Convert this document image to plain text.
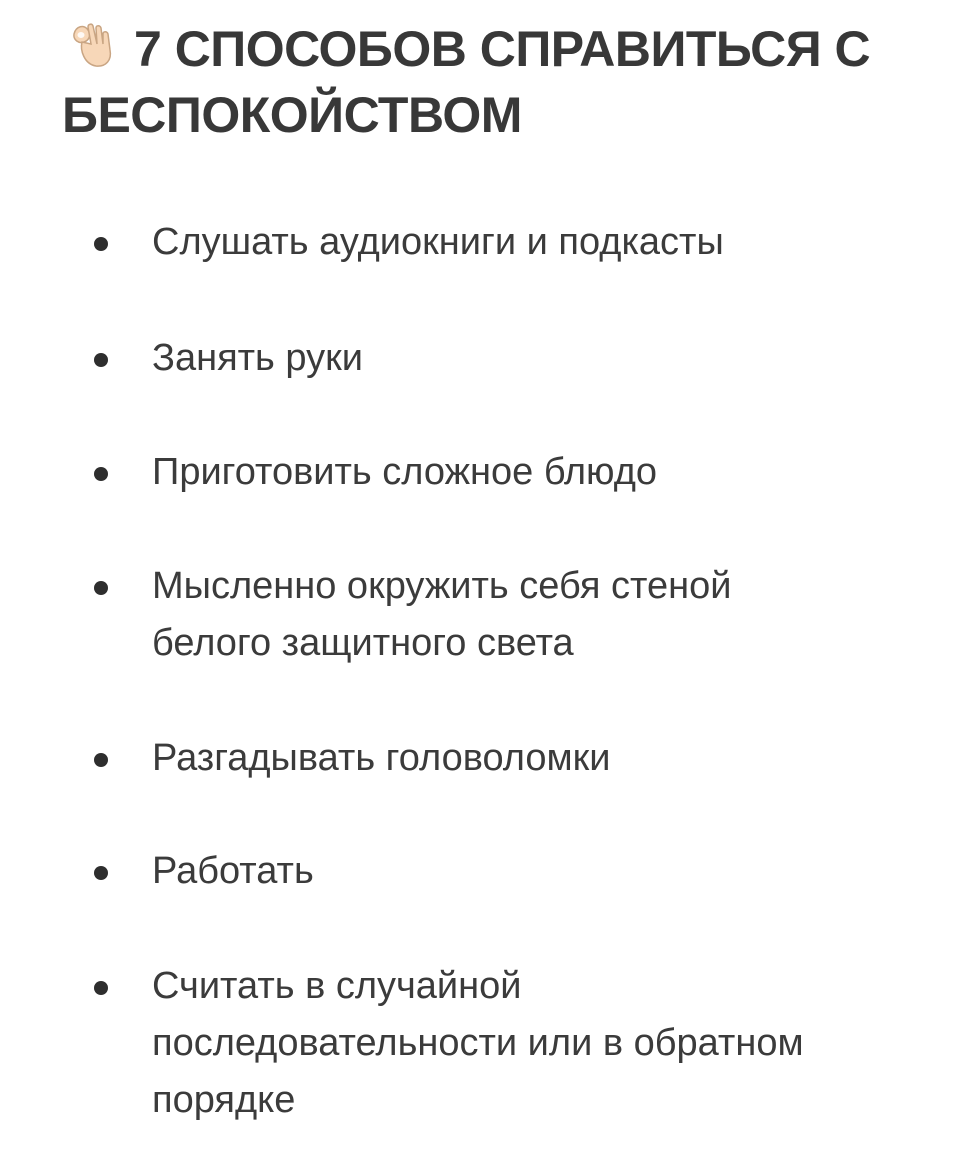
7 СПОСОБОВ СПРАВИТЬСЯ С БЕСПОКОЙСТВОМ
Слушать аудиокниги и подкасты
Занять руки
Приготовить сложное блюдо
Мысленно окружить себя стеной белого защитного света
Разгадывать головоломки
Работать
Считать в случайной последовательности или в обратном порядке
